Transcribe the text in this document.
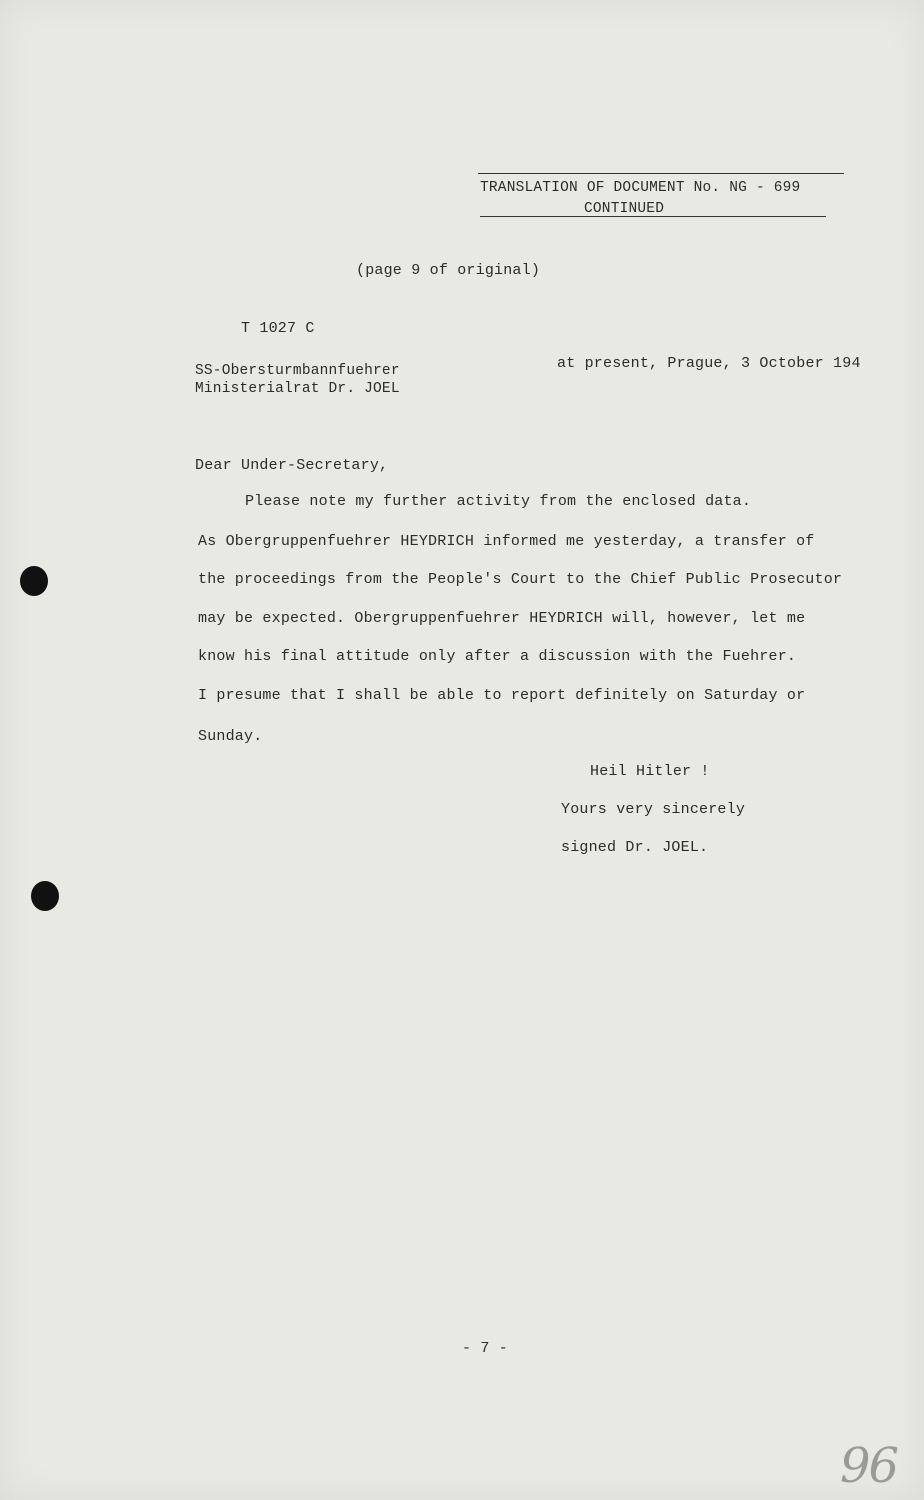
TRANSLATION OF DOCUMENT No. NG - 699
CONTINUED
(page 9 of original)
T 1027 C
SS-Obersturmbannfuehrer
Ministerialrat Dr. JOEL
at present, Prague, 3 October 194
Dear Under-Secretary,
Please note my further activity from the enclosed data.
As Obergruppenfuehrer HEYDRICH informed me yesterday, a transfer of
the proceedings from the People's Court to the Chief Public Prosecutor
may be expected. Obergruppenfuehrer HEYDRICH will, however, let me
know his final attitude only after a discussion with the Fuehrer.
I presume that I shall be able to report definitely on Saturday or
Sunday.
Heil Hitler !
Yours very sincerely
signed Dr. JOEL.
- 7 -
96
